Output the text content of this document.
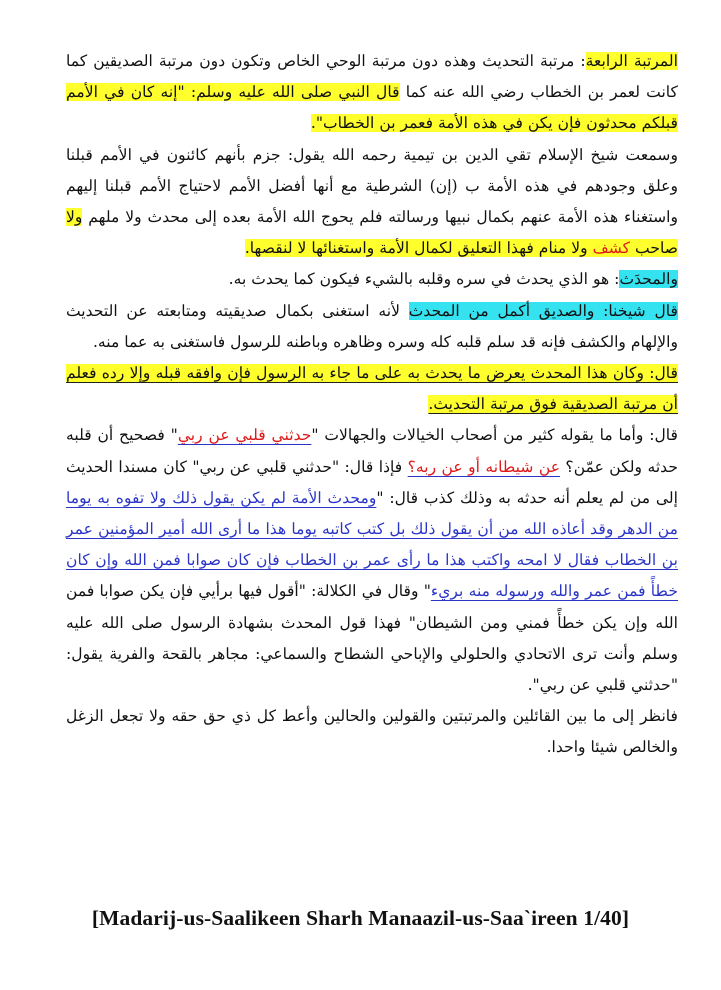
المرتبة الرابعة: مرتبة التحديث وهذه دون مرتبة الوحي الخاص وتكون دون مرتبة الصديقين كما كانت لعمر بن الخطاب رضي الله عنه كما قال النبي صلى الله عليه وسلم: "إنه كان في الأمم قبلكم محدثون فإن يكن في هذه الأمة فعمر بن الخطاب".

وسمعت شيخ الإسلام تقي الدين بن تيمية رحمه الله يقول: جزم بأنهم كائنون في الأمم قبلنا وعلق وجودهم في هذه الأمة ب (إن) الشرطية مع أنها أفضل الأمم لاحتياج الأمم قبلنا إليهم واستغناء هذه الأمة عنهم بكمال نبيها ورسالته فلم يحوج الله الأمة بعده إلى محدث ولا ملهم ولا صاحب كشف ولا منام فهذا التعليق لكمال الأمة واستغنائها لا لنقصها.

والمحدَث: هو الذي يحدث في سره وقلبه بالشيء فيكون كما يحدث به.

قال شيخنا: والصديق أكمل من المحدث لأنه استغنى بكمال صديقيته ومتابعته عن التحديث والإلهام والكشف فإنه قد سلم قلبه كله وسره وظاهره وباطنه للرسول فاستغنى به عما منه.

قال: وكان هذا المحدث يعرض ما يحدث به على ما جاء به الرسول فإن وافقه قبله وإلا رده فعلم أن مرتبة الصديقية فوق مرتبة التحديث.

قال: وأما ما يقوله كثير من أصحاب الخيالات والجهالات "حدثني قلبي عن ربي" فصحيح أن قلبه حدثه ولكن عمّن؟ عن شيطانه أو عن ربه؟ فإذا قال: "حدثني قلبي عن ربي" كان مسندا الحديث إلى من لم يعلم أنه حدثه به وذلك كذب قال: "ومحدث الأمة لم يكن يقول ذلك ولا تفوه به يوما من الدهر وقد أعاذه الله من أن يقول ذلك بل كتب كاتبه يوما هذا ما أرى الله أمير المؤمنين عمر بن الخطاب فقال لا امحه واكتب هذا ما رأى عمر بن الخطاب فإن كان صوابا فمن الله وإن كان خطأً فمن عمر والله ورسوله منه بريء" وقال في الكلالة: "أقول فيها برأيي فإن يكن صوابا فمن الله وإن يكن خطأً فمني ومن الشيطان" فهذا قول المحدث بشهادة الرسول صلى الله عليه وسلم وأنت ترى الاتحادي والحلولي والإباحي الشطاح والسماعي: مجاهر بالقحة والفرية يقول: "حدثني قلبي عن ربي".

فانظر إلى ما بين القائلين والمرتبتين والقولين والحالين وأعط كل ذي حق حقه ولا تجعل الزغل والخالص شيئا واحدا.

[Madarij-us-Saalikeen Sharh Manaazil-us-Saa`ireen 1/40]
